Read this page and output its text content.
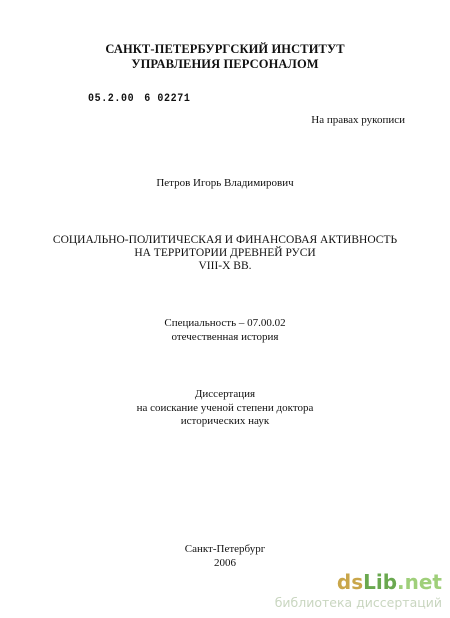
САНКТ-ПЕТЕРБУРГСКИЙ ИНСТИТУТ
УПРАВЛЕНИЯ ПЕРСОНАЛОМ
05.2.00 6 02271
На правах рукописи
Петров Игорь Владимирович
СОЦИАЛЬНО-ПОЛИТИЧЕСКАЯ И ФИНАНСОВАЯ АКТИВНОСТЬ
НА ТЕРРИТОРИИ ДРЕВНЕЙ РУСИ
VIII-X ВВ.
Специальность – 07.00.02
отечественная история
Диссертация
на соискание ученой степени доктора
исторических наук
Санкт-Петербург
2006
dsLib.net
библиотека диссертаций
